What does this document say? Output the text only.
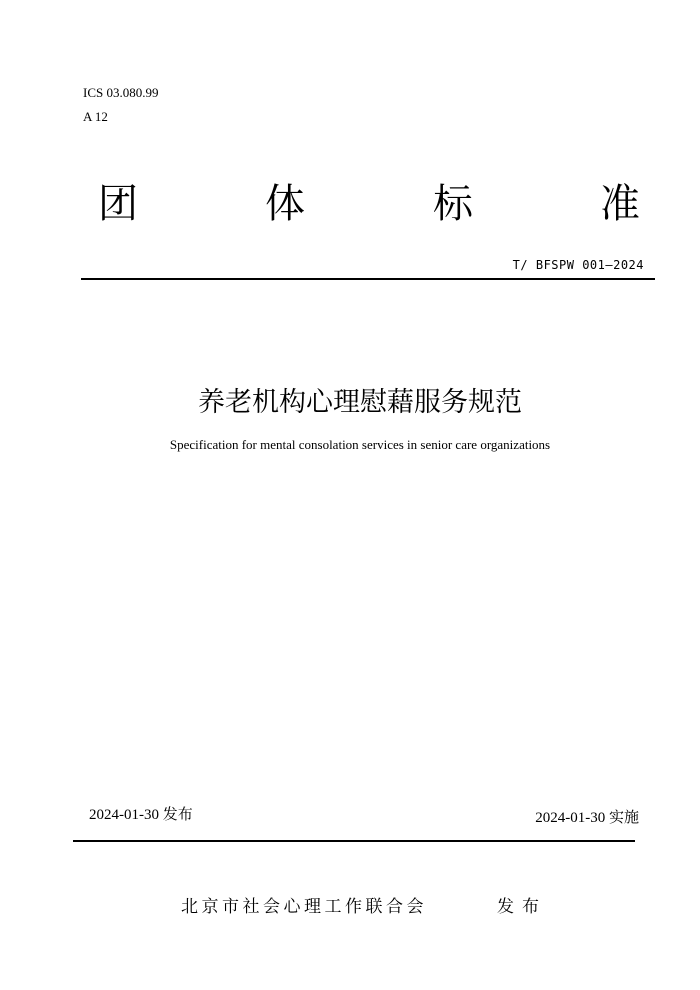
ICS 03.080.99
A 12
团	体	标	准
T/ BFSPW 001—2024
养老机构心理慰藉服务规范
Specification for mental consolation services in senior care organizations
2024-01-30 发布	2024-01-30 实施
北京市社会心理工作联合会	发布
